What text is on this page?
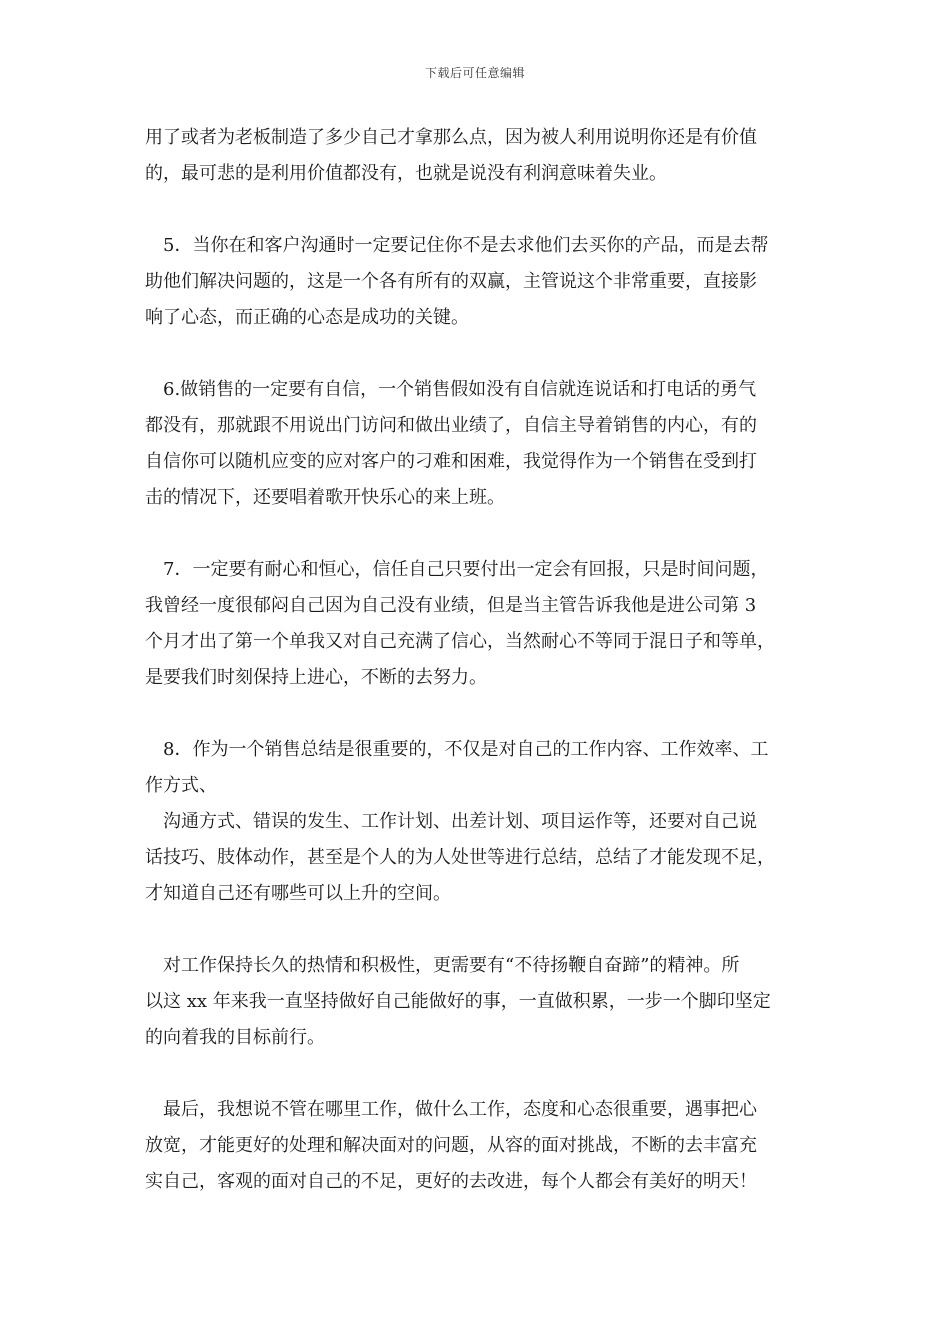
下载后可任意编辑
用了或者为老板制造了多少自己才拿那么点，因为被人利用说明你还是有价值
的，最可悲的是利用价值都没有，也就是说没有利润意味着失业。
5．当你在和客户沟通时一定要记住你不是去求他们去买你的产品，而是去帮
助他们解决问题的，这是一个各有所有的双赢，主管说这个非常重要，直接影
响了心态，而正确的心态是成功的关键。
6.做销售的一定要有自信，一个销售假如没有自信就连说话和打电话的勇气
都没有，那就跟不用说出门访问和做出业绩了，自信主导着销售的内心，有的
自信你可以随机应变的应对客户的刁难和困难，我觉得作为一个销售在受到打
击的情况下，还要唱着歌开快乐心的来上班。
7．一定要有耐心和恒心，信任自己只要付出一定会有回报，只是时间问题，
我曾经一度很郁闷自己因为自己没有业绩，但是当主管告诉我他是进公司第 3
个月才出了第一个单我又对自己充满了信心，当然耐心不等同于混日子和等单，
是要我们时刻保持上进心，不断的去努力。
8．作为一个销售总结是很重要的，不仅是对自己的工作内容、工作效率、工
作方式、
沟通方式、错误的发生、工作计划、出差计划、项目运作等，还要对自己说
话技巧、肢体动作，甚至是个人的为人处世等进行总结，总结了才能发现不足，
才知道自己还有哪些可以上升的空间。
对工作保持长久的热情和积极性，更需要有“不待扬鞭自奋蹄”的精神。所
以这 xx 年来我一直坚持做好自己能做好的事，一直做积累，一步一个脚印坚定
的向着我的目标前行。
最后，我想说不管在哪里工作，做什么工作，态度和心态很重要，遇事把心
放宽，才能更好的处理和解决面对的问题，从容的面对挑战，不断的去丰富充
实自己，客观的面对自己的不足，更好的去改进，每个人都会有美好的明天！
